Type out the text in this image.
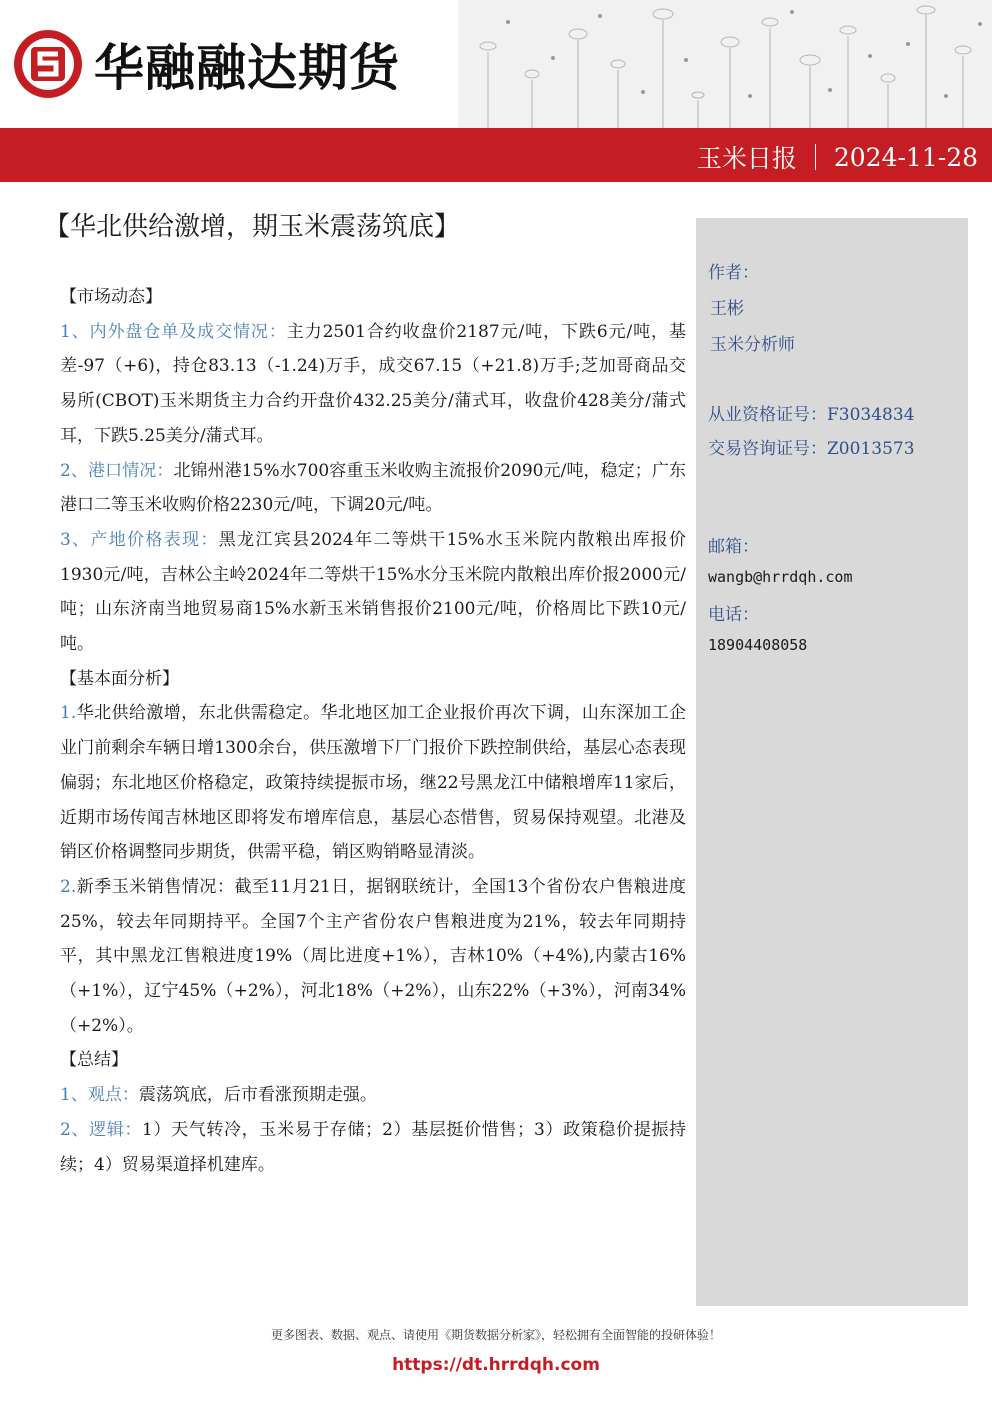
华融融达期货
玉米日报 2024-11-28
【华北供给激增，期玉米震荡筑底】

【市场动态】

1、内外盘仓单及成交情况：主力2501合约收盘价2187元/吨，下跌6元/吨，基差-97（+6)，持仓83.13（-1.24)万手，成交67.15（+21.8)万手;芝加哥商品交易所(CBOT)玉米期货主力合约开盘价432.25美分/蒲式耳，收盘价428美分/蒲式耳，下跌5.25美分/蒲式耳。

2、港口情况：北锦州港15%水700容重玉米收购主流报价2090元/吨，稳定；广东港口二等玉米收购价格2230元/吨，下调20元/吨。

3、产地价格表现：黑龙江宾县2024年二等烘干15%水玉米院内散粮出库报价1930元/吨，吉林公主岭2024年二等烘干15%水分玉米院内散粮出库价报2000元/吨；山东济南当地贸易商15%水新玉米销售报价2100元/吨，价格周比下跌10元/吨。

【基本面分析】

1.华北供给激增，东北供需稳定。华北地区加工企业报价再次下调，山东深加工企业门前剩余车辆日增1300余台，供压激增下厂门报价下跌控制供给，基层心态表现偏弱；东北地区价格稳定，政策持续提振市场，继22号黑龙江中储粮增库11家后，近期市场传闻吉林地区即将发布增库信息，基层心态惜售，贸易保持观望。北港及销区价格调整同步期货，供需平稳，销区购销略显清淡。

2.新季玉米销售情况：截至11月21日，据钢联统计，全国13个省份农户售粮进度25%，较去年同期持平。全国7个主产省份农户售粮进度为21%，较去年同期持平，其中黑龙江售粮进度19%（周比进度+1%），吉林10%（+4%),内蒙古16%（+1%），辽宁45%（+2%），河北18%（+2%），山东22%（+3%），河南34%（+2%）。

【总结】

1、观点：震荡筑底，后市看涨预期走强。

2、逻辑：1）天气转冷，玉米易于存储；2）基层挺价惜售；3）政策稳价提振持续；4）贸易渠道择机建库。

作者：
王彬
玉米分析师
从业资格证号：F3034834
交易咨询证号：Z0013573
邮箱：
wangb@hrrdqh.com
电话：
18904408058
更多图表、数据、观点、请使用《期货数据分析家》，轻松拥有全面智能的投研体验！
https://dt.hrrdqh.com
